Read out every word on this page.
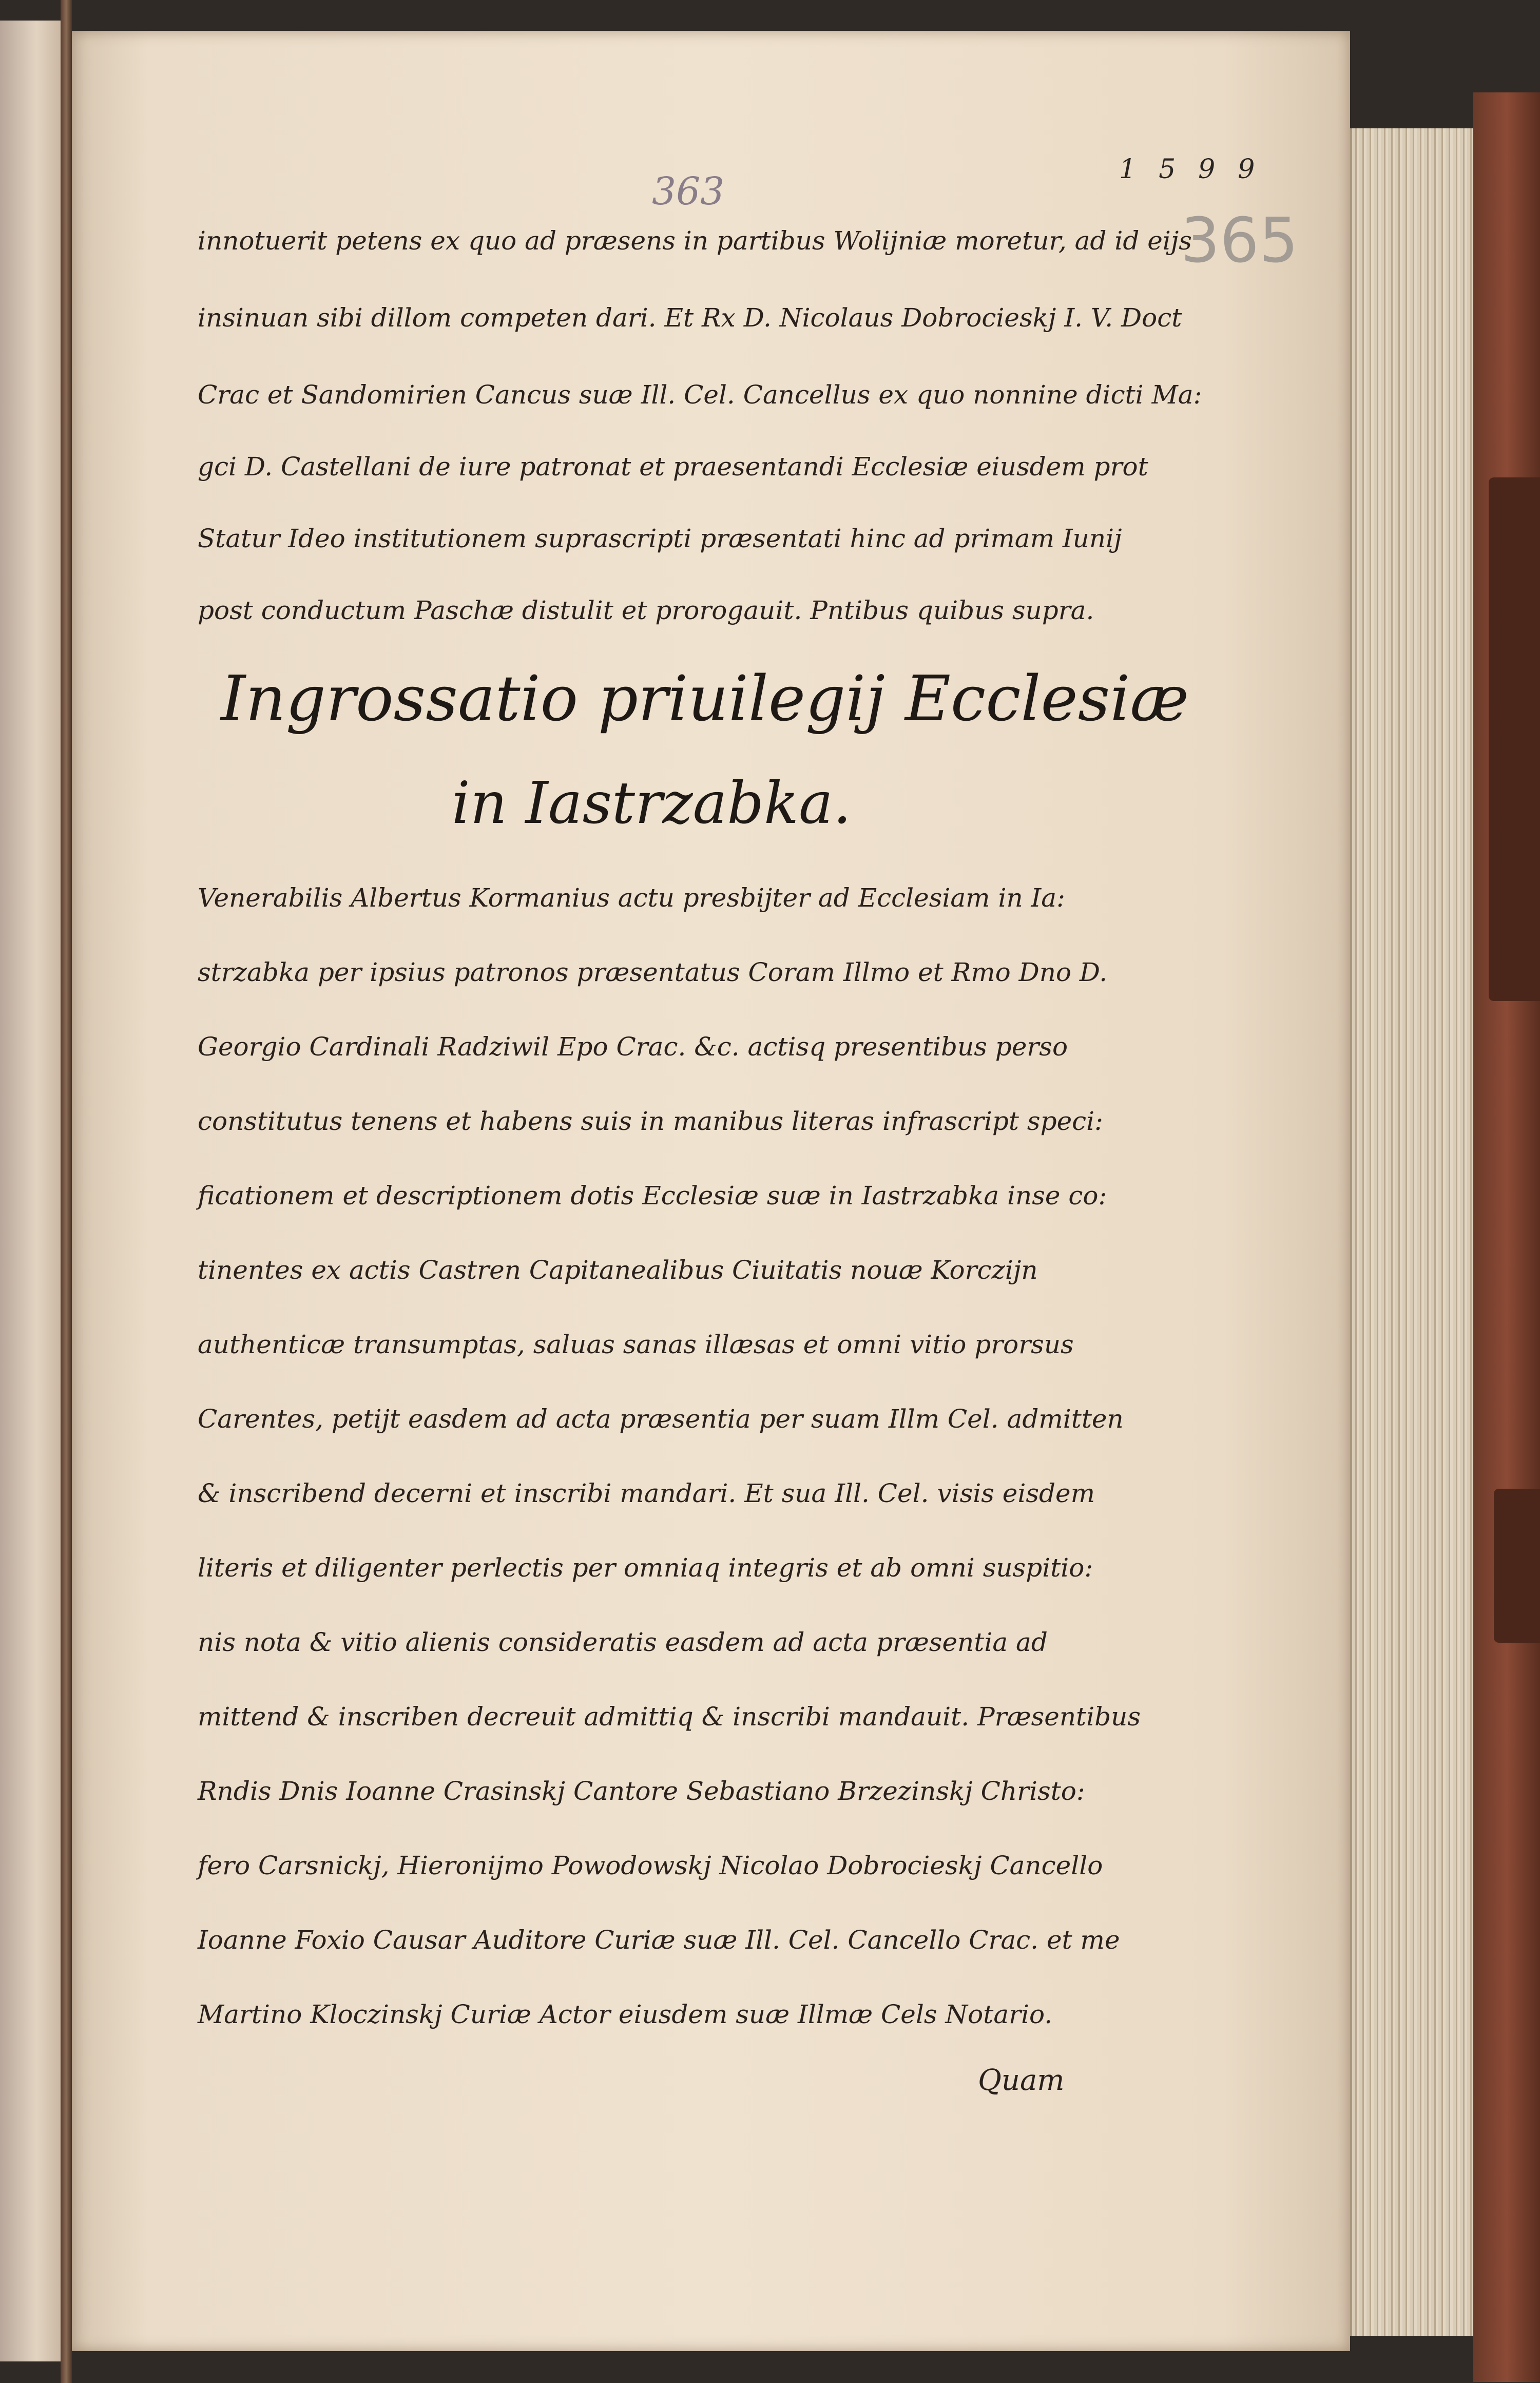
363	1599
365
innotuerit petens ex quo ad præsens in partibus Wolijniæ moretur, ad id eijs
insinuan sibi dillom competen dari. Et Rx D. Nicolaus Dobrocieskj I. V. Doct
Crac et Sandomirien Cancus suæ Ill. Cel. Cancellus ex quo nonnine dicti Ma:
gci D. Castellani de iure patronat et praesentandi Ecclesiæ eiusdem prot
Statur Ideo institutionem suprascripti præsentati hinc ad primam Iunij
post conductum Paschæ distulit et prorogauit. Pntibus quibus supra.
Ingrossatio priuilegij Ecclesiæ
in Iastrzabka.
Venerabilis Albertus Kormanius actu presbijter ad Ecclesiam in Ia:
strzabka per ipsius patronos præsentatus Coram Illmo et Rmo Dno D.
Georgio Cardinali Radziwil Epo Crac. &c. actisq presentibus perso
constitutus tenens et habens suis in manibus literas infrascript speci:
ficationem et descriptionem dotis Ecclesiæ suæ in Iastrzabka inse co:
tinentes ex actis Castren Capitanealibus Ciuitatis nouæ Korczijn
authenticæ transumptas, saluas sanas illæsas et omni vitio prorsus
Carentes, petijt easdem ad acta præsentia per suam Illm Cel. admitten
& inscribend decerni et inscribi mandari. Et sua Ill. Cel. visis eisdem
literis et diligenter perlectis per omniaq integris et ab omni suspitio:
nis nota & vitio alienis consideratis easdem ad acta præsentia ad
mittend & inscriben decreuit admittiq & inscribi mandauit. Præsentibus
Rndis Dnis Ioanne Crasinskj Cantore Sebastiano Brzezinskj Christo:
fero Carsnickj, Hieronijmo Powodowskj Nicolao Dobrocieskj Cancello
Ioanne Foxio Causar Auditore Curiæ suæ Ill. Cel. Cancello Crac. et me
Martino Kloczinskj Curiæ Actor eiusdem suæ Illmæ Cels Notario.
Quam
